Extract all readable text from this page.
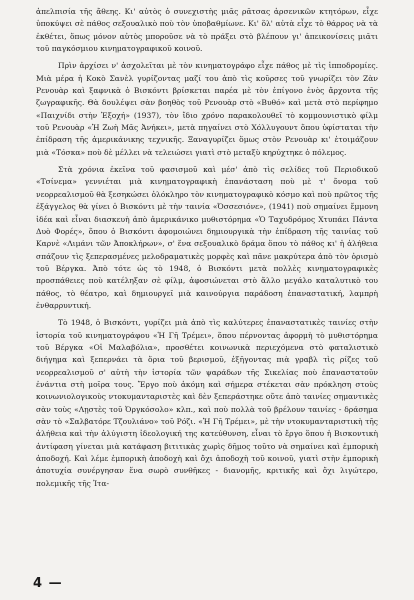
ἀπελπισία τῆς ἄθεης. Κι' αὐτὸς ὁ συνεχιστὴς μιᾶς ρᾶτσας ἀρσενικῶν κτητόρων, εἶχε ὑποκύψει σὲ πάθος σεξουαλικὸ ποὺ τὸν ὑποβαθμίωνε. Κι' ὅλ' αὐτὰ εἶχε τὸ θάρρος νὰ τὰ ἐκθέτει, ὅπως μόνον αὐτὸς μποροῦσε νὰ τὸ πράξει στὸ βλέπουν γι' ἀπεικονίσεις μιᾶτι τοῦ παγκόσμιου κινηματογραφικοῦ κοινοῦ.

Πρὶν ἀρχίσει ν' ἀσχολεῖται μὲ τὸν κινηματογράφο εἶχε πάθος μὲ τὶς ἱπποδρομίες. Μιὰ μέρα ἡ Κοκὸ Σανὲλ γυρίζοντας μαζί του ἀπὸ τὶς κοῦρσες τοῦ γνωρίζει τὸν Ζὰν Ρενουὰρ καὶ ξαφνικὰ ὁ Βισκόντι βρίσκεται παρέα μὲ τὸν ἐπίγονο ἑνὸς ἄρχοντα τῆς ζωγραφικῆς. Θὰ δουλέψει σὰν βοηθὸς τοῦ Ρενουὰρ στὸ «Βυθό» καὶ μετὰ στὸ περίφημο «Παιχνίδι στὴν Ἐξοχή» (1937), τὸν ἴδιο χρόνο παρακολουθεῖ τὸ κομμουνιστικὸ φίλμ τοῦ Ρενουὰρ «Ἡ Ζωὴ Μᾶς Ἀνήκει», μετὰ πηγαίνει στὸ Χόλλυγουντ ὅπου ὑφίσταται τὴν ἐπίδραση τῆς ἀμερικάνικης τεχνικῆς. Ξαναγυρίζει ὅμως στὸν Ρενουὰρ κι' ἑτοιμάζουν μιὰ «Τόσκα» ποὺ δὲ μέλλει νὰ τελειώσει γιατὶ στὸ μεταξὺ κηρύχτηκε ὁ πόλεμος.

Στὰ χρόνια ἐκεῖνα τοῦ φασισμοῦ καὶ μέσ' ἀπὸ τὶς σελίδες τοῦ Περιοδικοῦ «Τσίνεμα» γεννιέται μιὰ κινηματογραφικὴ ἐπανάσταση ποὺ μὲ τ' ὄνομα τοῦ νεορρεαλισμοῦ θὰ ξεσηκώσει ὁλόκληρο τὸν κινηματογραφικὸ κόσμο καὶ ποὺ πρῶτος τῆς ἐξάγγελος θὰ γίνει ὁ Βισκόντι μὲ τὴν ταινία «Ὀσσεσιόνε», (1941) ποὺ σημαίνει ἔμμονη ἰδέα καὶ εἶναι διασκευὴ ἀπὸ ἀμερικάνικο μυθιστόρημα «Ὁ Ταχυδρόμος Χτυπάει Πάντα Δυὸ Φορές», ὅπου ὁ Βισκόντι ἀφομοιώνει δημιουργικὰ τὴν ἐπίδραση τῆς ταινίας τοῦ Καρνὲ «Λιμάνι τῶν Ἀποκλήρων», σ' ἕνα σεξουαλικὸ δράμα ὅπου τὸ πάθος κι' ἡ ἀλήθεια σπάζουν τὶς ξεπερασμένες μελοδραματικὲς μορφὲς καὶ πᾶνε μακρύτερα ἀπὸ τὸν ὁρισμὸ τοῦ Βέργκα. Ἀπὸ τότε ὡς τὸ 1948, ὁ Βισκόντι μετὰ πολλὲς κινηματογραφικὲς προσπάθειες ποὺ κατέληξαν σὲ φίλμ, ἀφοσιώνεται στὸ ἄλλο μεγάλο καταλυτικὸ του πάθος, τὸ θέατρο, καὶ δημιουργεῖ μιὰ καινούργια παράδοση ἐπαναστατική, λαμπρὴ ἐνθαρρυντική.

Τὸ 1948, ὁ Βισκόντι, γυρίζει μιὰ ἀπὸ τὶς καλύτερες ἐπαναστατικὲς ταινίες στὴν ἱστορία τοῦ κινηματογράφου «Ἡ Γῆ Τρέμει», ὅπου πέρνοντας ἀφορμὴ τὸ μυθιστόρημα τοῦ Βέργκα «Οἱ Μαλαβόλια», προσθέτει κοινωνικὰ περιεχόμενα στὸ φαταλιστικὸ διήγημα καὶ ξεπερνάει τὰ ὅρια τοῦ βερισμοῦ, ἐξῆγοντας πιὰ γραβλ τὶς ρίζες τοῦ νεορρεαλισμοῦ σ' αὐτὴ τὴν ἱστορία τῶν ψαράδων τῆς Σικελίας ποὺ ἐπαναστατοῦν ἐνάντια στὴ μοῖρα τους. Ἔργο ποὺ ἀκόμη καὶ σήμερα στέκεται σὰν πρόκληση στοὺς κοινωνιολογικοὺς ντοκυμανταριστὲς καὶ δὲν ξεπεράστηκε οὔτε ἀπὸ ταινίες σημαντικὲς σὰν τοὺς «Λῃστὲς τοῦ Ὀργκόσολο» κλπ., καὶ ποὺ πολλὰ τοῦ βρέλουν ταινίες - δράσημα σὰν τὸ «Σαλβατόρε Τζουλιάνο» τοῦ Ρόζι. «Ἡ Γῆ Τρέμει», μὲ τὴν ντοκυμανταριστικὴ τῆς ἀλήθεια καὶ τὴν ἀλύγιστη ἰδεολογική της κατεύθυνση, εἶναι τὸ ἔργο ὅπου ἡ Βισκοντικὴ ἀντίφαση γίνεται μιὰ κατάφαση βιτιτικὰς χωρὶς δῆμος τοῦτο νὰ σημαίνει καὶ ἐμπορικὴ ἀποδοχή. Καὶ λέμε ἐμπορικὴ ἀποδοχὴ καὶ ὄχι ἀποδοχὴ τοῦ κοινοῦ, γιατὶ στὴν ἐμπορικὴ ἀποτυχία συνέργησαν ἕνα σωρὸ συνθῆκες - διανομῆς, κριτικῆς καὶ ὄχι λιγώτερο, πολεμικῆς τῆς Ἰτα-

4 —
